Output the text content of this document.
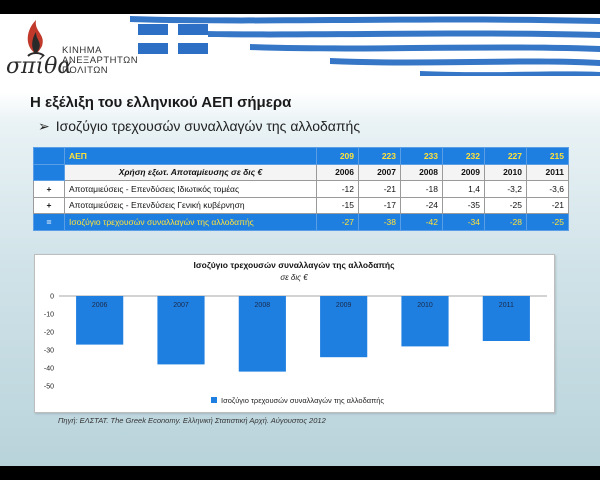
σπίθα
ΚΙΝΗΜΑ
ΑΝΕΞΑΡΤΗΤΩΝ
ΠΟΛΙΤΩΝ
Η εξέλιξη του ελληνικού ΑΕΠ σήμερα
➢ Ισοζύγιο τρεχουσών συναλλαγών της αλλοδαπής
	ΑΕΠ	209	223	233	232	227	215
	Χρήση εξωτ. Αποταμίευσης σε δις €	2006	2007	2008	2009	2010	2011
+	Αποταμιεύσεις - Επενδύσεις Ιδιωτικός τομέας	-12	-21	-18	1,4	-3,2	-3,6
+	Αποταμιεύσεις - Επενδύσεις Γενική κυβέρνηση	-15	-17	-24	-35	-25	-21
=	Ισοζύγιο τρεχουσών συναλλαγών της αλλοδαπής	-27	-38	-42	-34	-28	-25
Ισοζύγιο τρεχουσών συναλλαγών της αλλοδαπής
σε δις €
0
-10
-20
-30
-40
-50
2006	2007	2008	2009	2010	2011
Ισοζύγιο τρεχουσών συναλλαγών της αλλοδαπής
Πηγή: ΕΛΣΤΑΤ. The Greek Economy. Ελληνική Στατιστική Αρχή. Αύγουστος 2012
